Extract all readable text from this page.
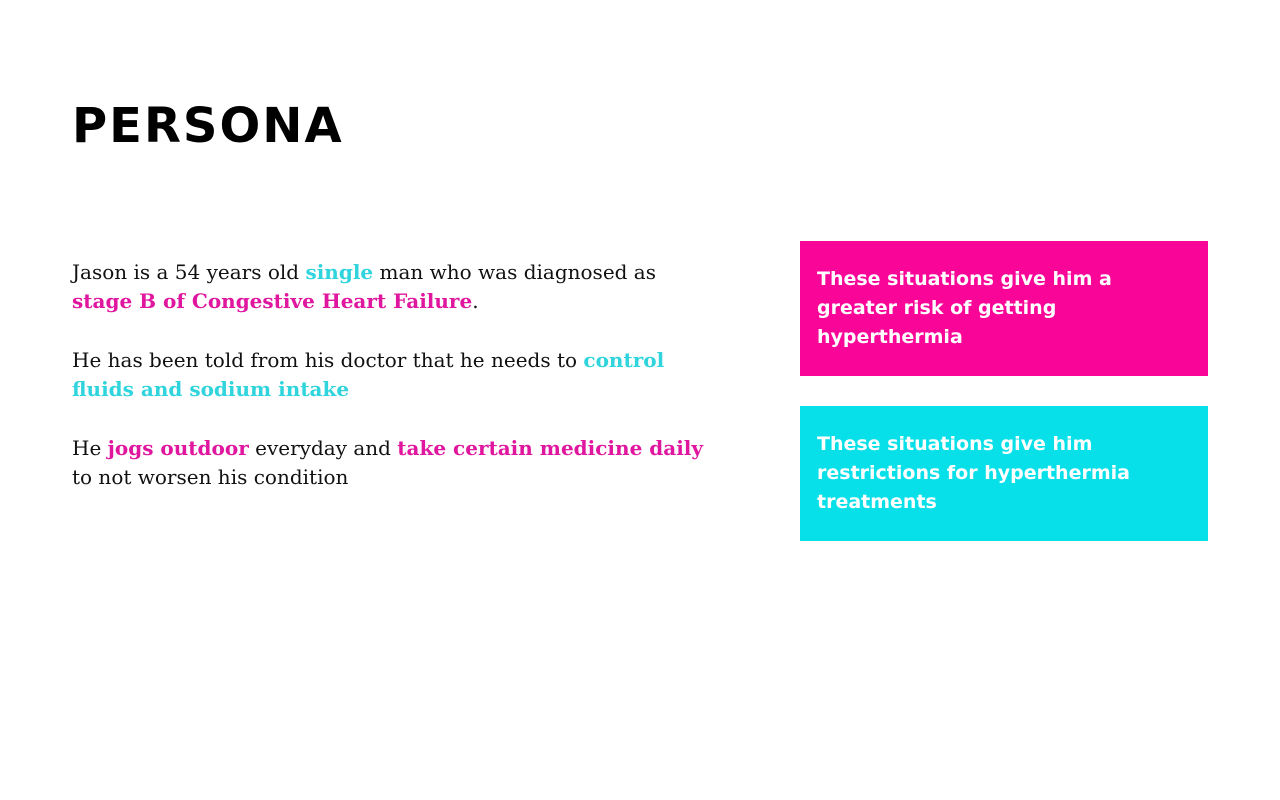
PERSONA

Jason is a 54 years old single man who was diagnosed as stage B of Congestive Heart Failure.

He has been told from his doctor that he needs to control fluids and sodium intake

He jogs outdoor everyday and take certain medicine daily to not worsen his condition

These situations give him a greater risk of getting hyperthermia
These situations give him restrictions for hyperthermia treatments
